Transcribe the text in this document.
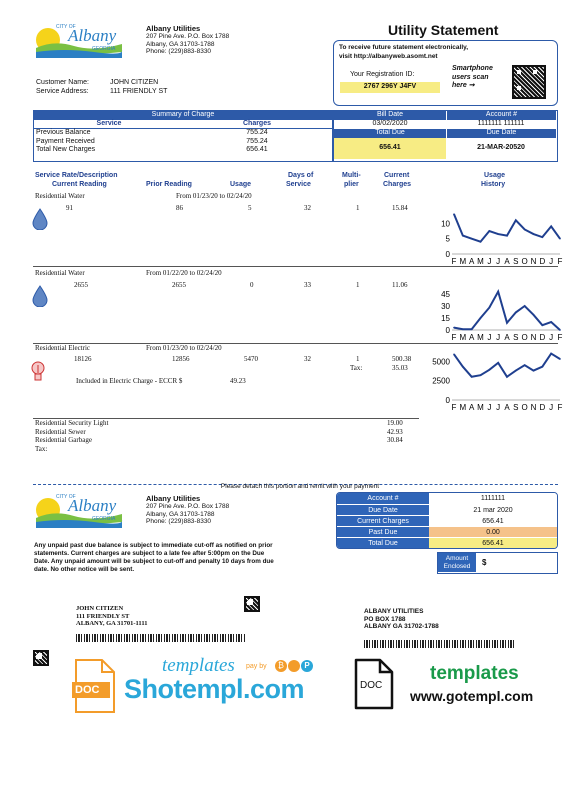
CITY OF
Albany
GEORGIA
Albany Utilities
207 Pine Ave. P.O. Box 1788
Albany, GA 31703-1788
Phone: (229)883-8330
Utility Statement
To receive future statement electronically,
visit http://albanyweb.asomt.net
Your Registration ID:
2767 296Y J4FV
Smartphone
users scan
here ➞
Customer Name:	JOHN CITIZEN
Service Address:	111 FRIENDLY ST
Summary of Charge
Service	Charges
Previous Balance	755.24
Payment Received	755.24
Total New Charges	656.41
Bill Date	Account #
03/02/2020	1111111 111111
Total Due	Due Date
656.41	21-MAR-20520
Service Rate/Description
Current Reading	Prior Reading	Usage
Days of
Service
Multi-
plier
Current
Charges
Usage
History
Residential Water	From 01/23/20 to 02/24/20
91	86	5	32	1	15.84
0
5
10
F M A M J J A S O N D J F
Residential Water	From 01/22/20 to 02/24/20
2655	2655	0	33	1	11.06
0
15
30
45
F M A M J J A S O N D J F
Residential Electric	From 01/23/20 to 02/24/20
18126	12856	5470	32	1	500.38
Tax:	35.03
Included in Electric Charge - ECCR $	49.23
0
2500
5000
F M A M J J A S O N D J F
Residential Security Light	19.00
Residential Sewer	42.93
Residential Garbage	30.84
Tax:
Please detach this portion and remit with your payment
CITY OF
Albany
GEORGIA
Albany Utilities
207 Pine Ave. P.O. Box 1788
Albany, GA 31703-1788
Phone: (229)883-8330
Any unpaid past due balance is subject to immediate cut-off as notified on prior statements. Current charges are subject to a late fee after 5:00pm on the Due Date. Any unpaid amount will be subject to cut-off and penalty 10 days from due date. No other notice will be sent.
Account #	1111111
Due Date	21 mar 2020
Current Charges	656.41
Past Due	0.00
Total Due	656.41
Amount
Enclosed	$
JOHN CITIZEN
111 FRIENDLY ST
ALBANY, GA 31701-1111
ALBANY UTILITIES
PO BOX 1788
ALBANY GA 31702-1788
DOC
templates pay by	₿	P
Shotempl.com	DOC
templates
www.gotempl.com
